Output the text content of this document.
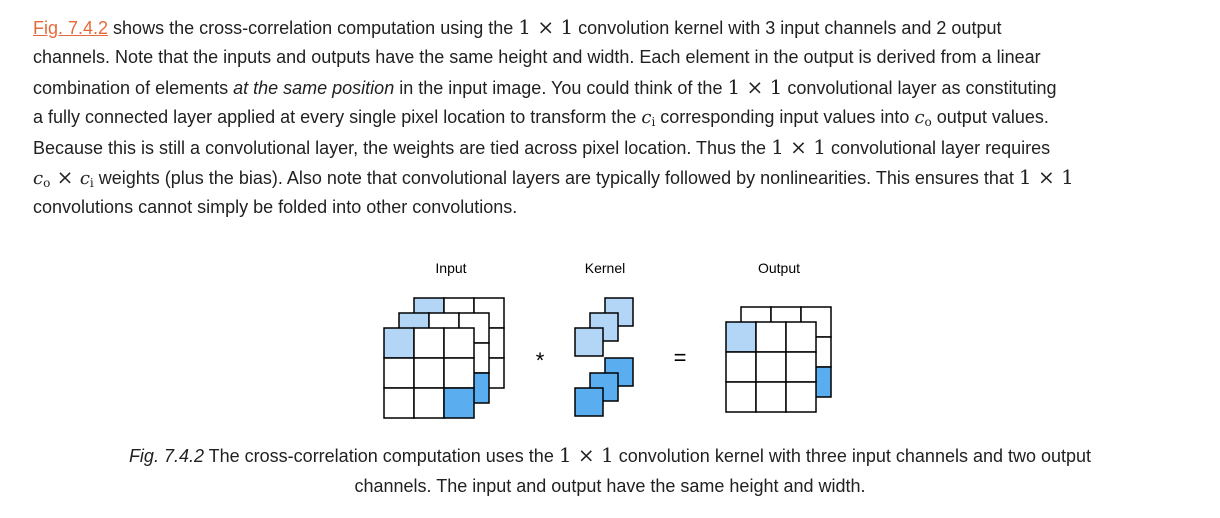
Fig. 7.4.2 shows the cross-correlation computation using the 1 × 1 convolution kernel with 3 input channels and 2 output
channels. Note that the inputs and outputs have the same height and width. Each element in the output is derived from a linear
combination of elements at the same position in the input image. You could think of the 1 × 1 convolutional layer as constituting
a fully connected layer applied at every single pixel location to transform the $c_i$ corresponding input values into $c_o$ output values.
Because this is still a convolutional layer, the weights are tied across pixel location. Thus the 1 × 1 convolutional layer requires
$c_o \times c_i$ weights (plus the bias). Also note that convolutional layers are typically followed by nonlinearities. This ensures that 1 × 1
convolutions cannot simply be folded into other convolutions.
Input	Kernel	Output
*	=
Fig. 7.4.2 The cross-correlation computation uses the 1 × 1 convolution kernel with three input channels and two output
channels. The input and output have the same height and width.
